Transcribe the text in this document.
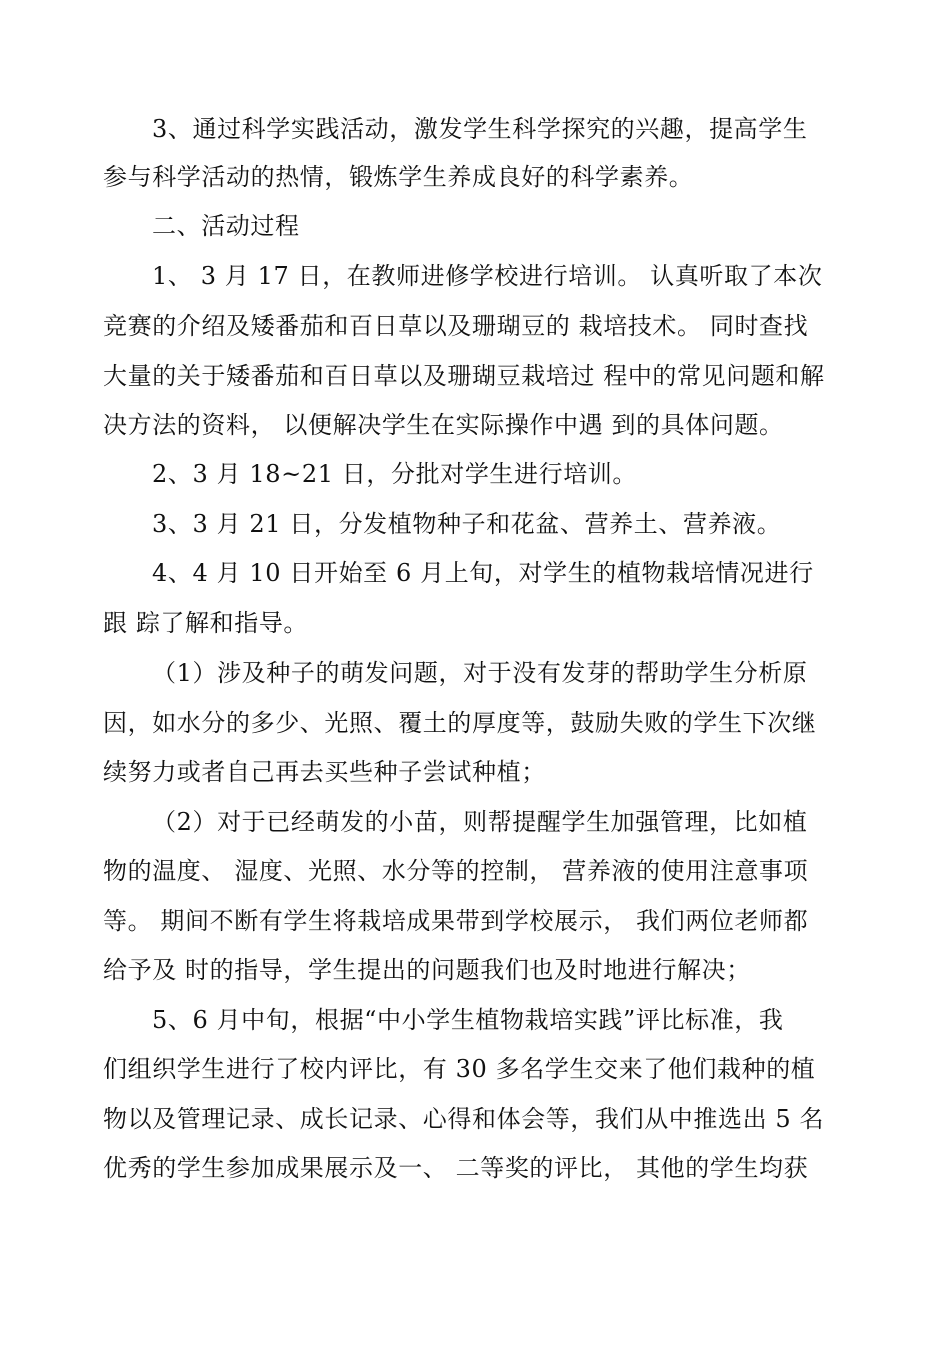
3、通过科学实践活动，激发学生科学探究的兴趣，提高学生
参与科学活动的热情，锻炼学生养成良好的科学素养。
二、活动过程
1、 3 月 17 日，在教师进修学校进行培训。 认真听取了本次
竞赛的介绍及矮番茄和百日草以及珊瑚豆的 栽培技术。 同时查找
大量的关于矮番茄和百日草以及珊瑚豆栽培过 程中的常见问题和解
决方法的资料， 以便解决学生在实际操作中遇 到的具体问题。
2、3 月 18~21 日，分批对学生进行培训。
3、3 月 21 日，分发植物种子和花盆、营养土、营养液。
4、4 月 10 日开始至 6 月上旬，对学生的植物栽培情况进行
跟 踪了解和指导。
（1）涉及种子的萌发问题，对于没有发芽的帮助学生分析原
因，如水分的多少、光照、覆土的厚度等，鼓励失败的学生下次继
续努力或者自己再去买些种子尝试种植；
（2）对于已经萌发的小苗，则帮提醒学生加强管理，比如植
物的温度、 湿度、光照、水分等的控制， 营养液的使用注意事项
等。 期间不断有学生将栽培成果带到学校展示， 我们两位老师都
给予及 时的指导，学生提出的问题我们也及时地进行解决；
5、6 月中旬，根据“中小学生植物栽培实践”评比标准，我
们组织学生进行了校内评比，有 30 多名学生交来了他们栽种的植
物以及管理记录、成长记录、心得和体会等，我们从中推选出 5 名
优秀的学生参加成果展示及一、 二等奖的评比， 其他的学生均获
